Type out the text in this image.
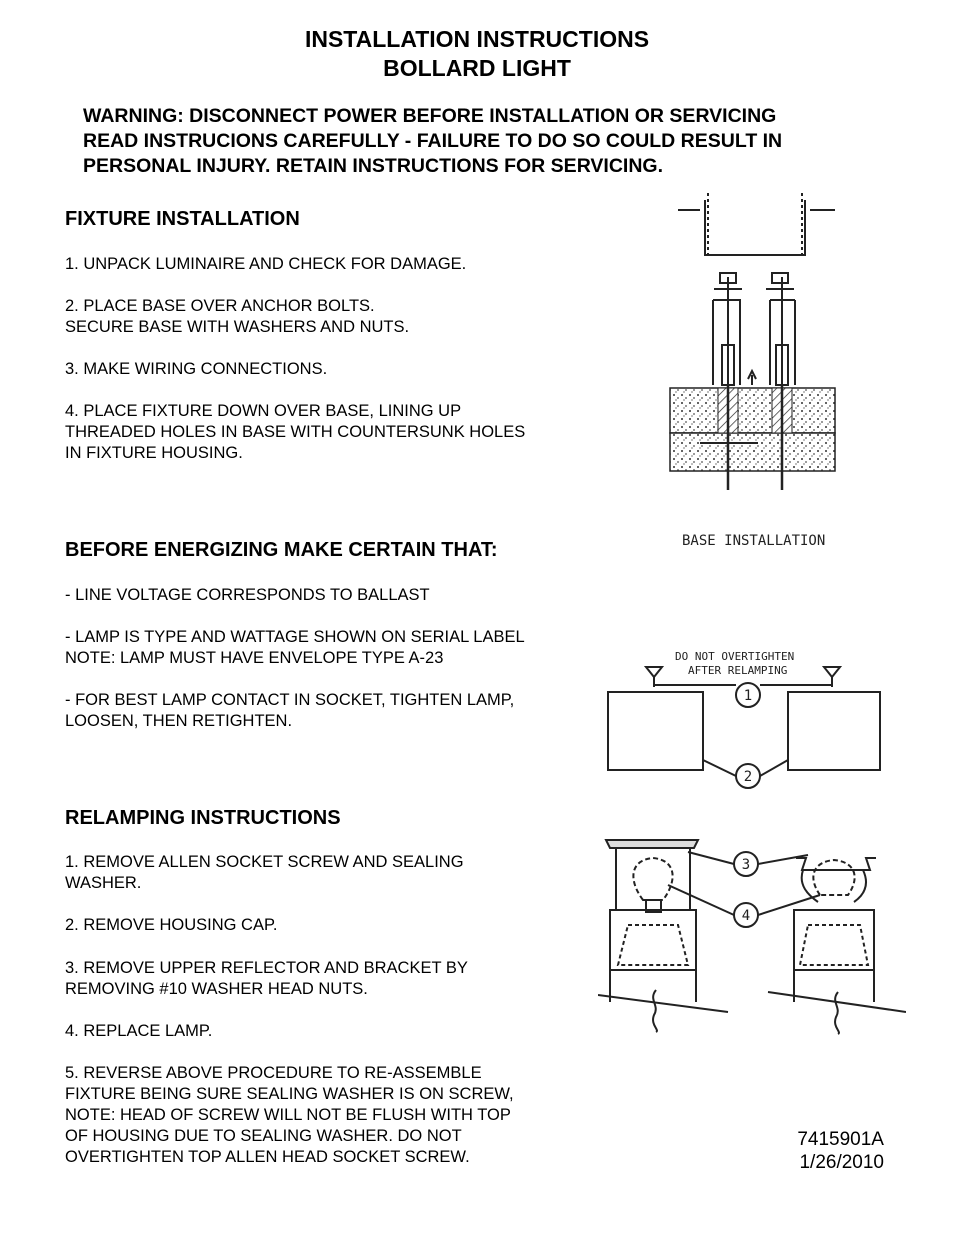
INSTALLATION INSTRUCTIONS
BOLLARD LIGHT
WARNING: DISCONNECT POWER BEFORE INSTALLATION OR SERVICING
READ INSTRUCIONS CAREFULLY - FAILURE TO DO SO COULD RESULT IN
PERSONAL INJURY. RETAIN INSTRUCTIONS FOR SERVICING.
FIXTURE INSTALLATION
1. UNPACK LUMINAIRE AND CHECK FOR DAMAGE.
2. PLACE BASE OVER ANCHOR BOLTS.
SECURE BASE WITH WASHERS AND NUTS.
3. MAKE WIRING CONNECTIONS.
4. PLACE FIXTURE DOWN OVER BASE, LINING UP
THREADED HOLES IN BASE WITH COUNTERSUNK HOLES
IN FIXTURE HOUSING.
BEFORE ENERGIZING MAKE CERTAIN THAT:
- LINE VOLTAGE CORRESPONDS TO BALLAST
- LAMP IS TYPE AND WATTAGE SHOWN ON SERIAL LABEL
NOTE: LAMP MUST HAVE ENVELOPE TYPE A-23
- FOR BEST LAMP CONTACT IN SOCKET, TIGHTEN LAMP,
LOOSEN, THEN RETIGHTEN.
RELAMPING INSTRUCTIONS
1. REMOVE ALLEN SOCKET SCREW AND SEALING
WASHER.
2. REMOVE HOUSING CAP.
3. REMOVE UPPER REFLECTOR AND BRACKET BY
REMOVING #10 WASHER HEAD NUTS.
4. REPLACE LAMP.
5. REVERSE ABOVE PROCEDURE TO RE-ASSEMBLE
FIXTURE BEING SURE SEALING WASHER IS ON SCREW,
NOTE: HEAD OF SCREW WILL NOT BE FLUSH WITH TOP
OF HOUSING DUE TO SEALING WASHER. DO NOT
OVERTIGHTEN TOP ALLEN HEAD SOCKET SCREW.
7415901A
1/26/2010
BASE INSTALLATION
DO NOT OVERTIGHTEN
AFTER RELAMPING
1
2
3
4
